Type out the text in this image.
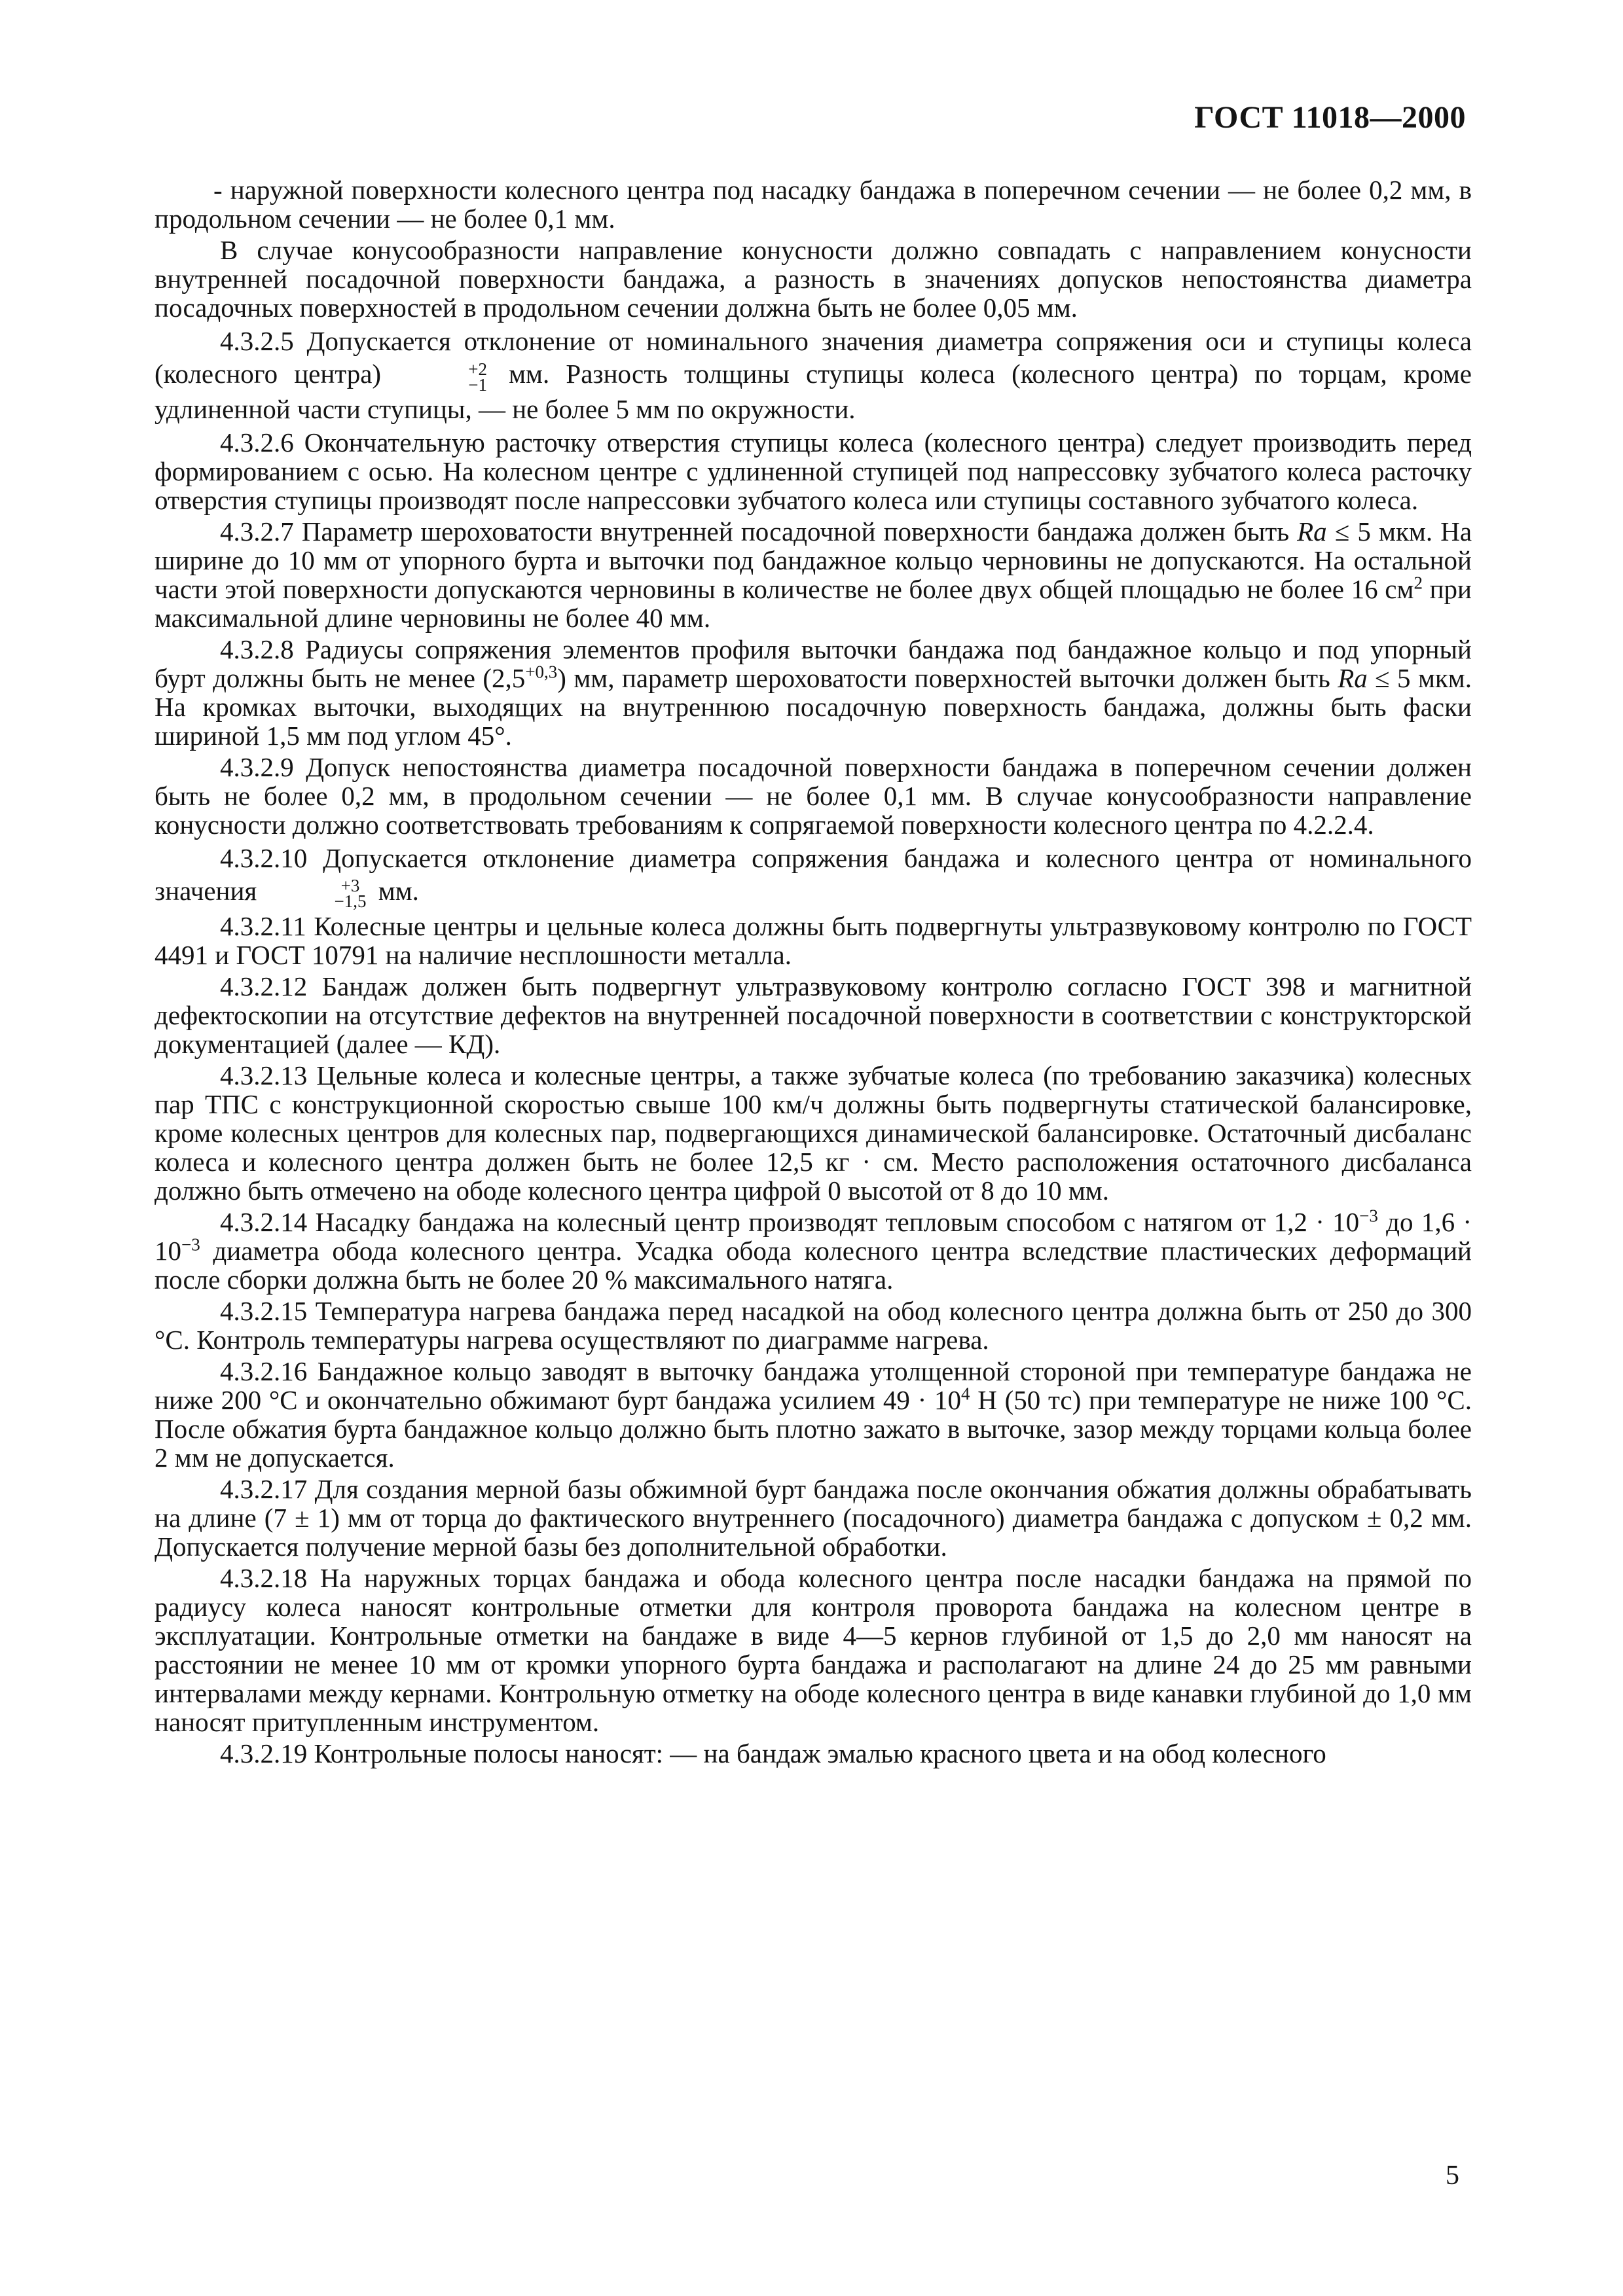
ГОСТ 11018—2000

- наружной поверхности колесного центра под насадку бандажа в поперечном сечении — не более 0,2 мм, в продольном сечении — не более 0,1 мм.

В случае конусообразности направление конусности должно совпадать с направлением конусности внутренней посадочной поверхности бандажа, а разность в значениях допусков непостоянства диаметра посадочных поверхностей в продольном сечении должна быть не более 0,05 мм.

4.3.2.5 Допускается отклонение от номинального значения диаметра сопряжения оси и ступицы колеса (колесного центра)	+2
−1 мм. Разность толщины ступицы колеса (колесного центра) по торцам, кроме удлиненной части ступицы, — не более 5 мм по окружности.

4.3.2.6 Окончательную расточку отверстия ступицы колеса (колесного центра) следует производить перед формированием с осью. На колесном центре с удлиненной ступицей под напрессовку зубчатого колеса расточку отверстия ступицы производят после напрессовки зубчатого колеса или ступицы составного зубчатого колеса.

4.3.2.7 Параметр шероховатости внутренней посадочной поверхности бандажа должен быть Ra ≤ 5 мкм. На ширине до 10 мм от упорного бурта и выточки под бандажное кольцо черновины не допускаются. На остальной части этой поверхности допускаются черновины в количестве не более двух общей площадью не более 16 $см^2$ при максимальной длине черновины не более 40 мм.

4.3.2.8 Радиусы сопряжения элементов профиля выточки бандажа под бандажное кольцо и под упорный бурт должны быть не менее $(2,5^{+0,3})$ мм, параметр шероховатости поверхностей выточки должен быть Ra ≤ 5 мкм. На кромках выточки, выходящих на внутреннюю посадочную поверхность бандажа, должны быть фаски шириной 1,5 мм под углом 45°.

4.3.2.9 Допуск непостоянства диаметра посадочной поверхности бандажа в поперечном сечении должен быть не более 0,2 мм, в продольном сечении — не более 0,1 мм. В случае конусообразности направление конусности должно соответствовать требованиям к сопрягаемой поверхности колесного центра по 4.2.2.4.

4.3.2.10 Допускается отклонение диаметра сопряжения бандажа и колесного центра от номинального значения	+3
−1,5 мм.

4.3.2.11 Колесные центры и цельные колеса должны быть подвергнуты ультразвуковому контролю по ГОСТ 4491 и ГОСТ 10791 на наличие несплошности металла.

4.3.2.12 Бандаж должен быть подвергнут ультразвуковому контролю согласно ГОСТ 398 и магнитной дефектоскопии на отсутствие дефектов на внутренней посадочной поверхности в соответствии с конструкторской документацией (далее — КД).

4.3.2.13 Цельные колеса и колесные центры, а также зубчатые колеса (по требованию заказчика) колесных пар ТПС с конструкционной скоростью свыше 100 км/ч должны быть подвергнуты статической балансировке, кроме колесных центров для колесных пар, подвергающихся динамической балансировке. Остаточный дисбаланс колеса и колесного центра должен быть не более 12,5 кг · см. Место расположения остаточного дисбаланса должно быть отмечено на ободе колесного центра цифрой 0 высотой от 8 до 10 мм.

4.3.2.14 Насадку бандажа на колесный центр производят тепловым способом с натягом от $1,2 \cdot 10^{-3}$ до $1,6 \cdot 10^{-3}$ диаметра обода колесного центра. Усадка обода колесного центра вследствие пластических деформаций после сборки должна быть не более 20 % максимального натяга.

4.3.2.15 Температура нагрева бандажа перед насадкой на обод колесного центра должна быть от 250 до 300 °С. Контроль температуры нагрева осуществляют по диаграмме нагрева.

4.3.2.16 Бандажное кольцо заводят в выточку бандажа утолщенной стороной при температуре бандажа не ниже 200 °С и окончательно обжимают бурт бандажа усилием $49 \cdot 10^4$ Н (50 тс) при температуре не ниже 100 °С. После обжатия бурта бандажное кольцо должно быть плотно зажато в выточке, зазор между торцами кольца более 2 мм не допускается.

4.3.2.17 Для создания мерной базы обжимной бурт бандажа после окончания обжатия должны обрабатывать на длине (7 ± 1) мм от торца до фактического внутреннего (посадочного) диаметра бандажа с допуском ± 0,2 мм. Допускается получение мерной базы без дополнительной обработки.

4.3.2.18 На наружных торцах бандажа и обода колесного центра после насадки бандажа на прямой по радиусу колеса наносят контрольные отметки для контроля проворота бандажа на колесном центре в эксплуатации. Контрольные отметки на бандаже в виде 4—5 кернов глубиной от 1,5 до 2,0 мм наносят на расстоянии не менее 10 мм от кромки упорного бурта бандажа и располагают на длине 24 до 25 мм равными интервалами между кернами. Контрольную отметку на ободе колесного центра в виде канавки глубиной до 1,0 мм наносят притупленным инструментом.

4.3.2.19 Контрольные полосы наносят: — на бандаж эмалью красного цвета и на обод колесного

5
